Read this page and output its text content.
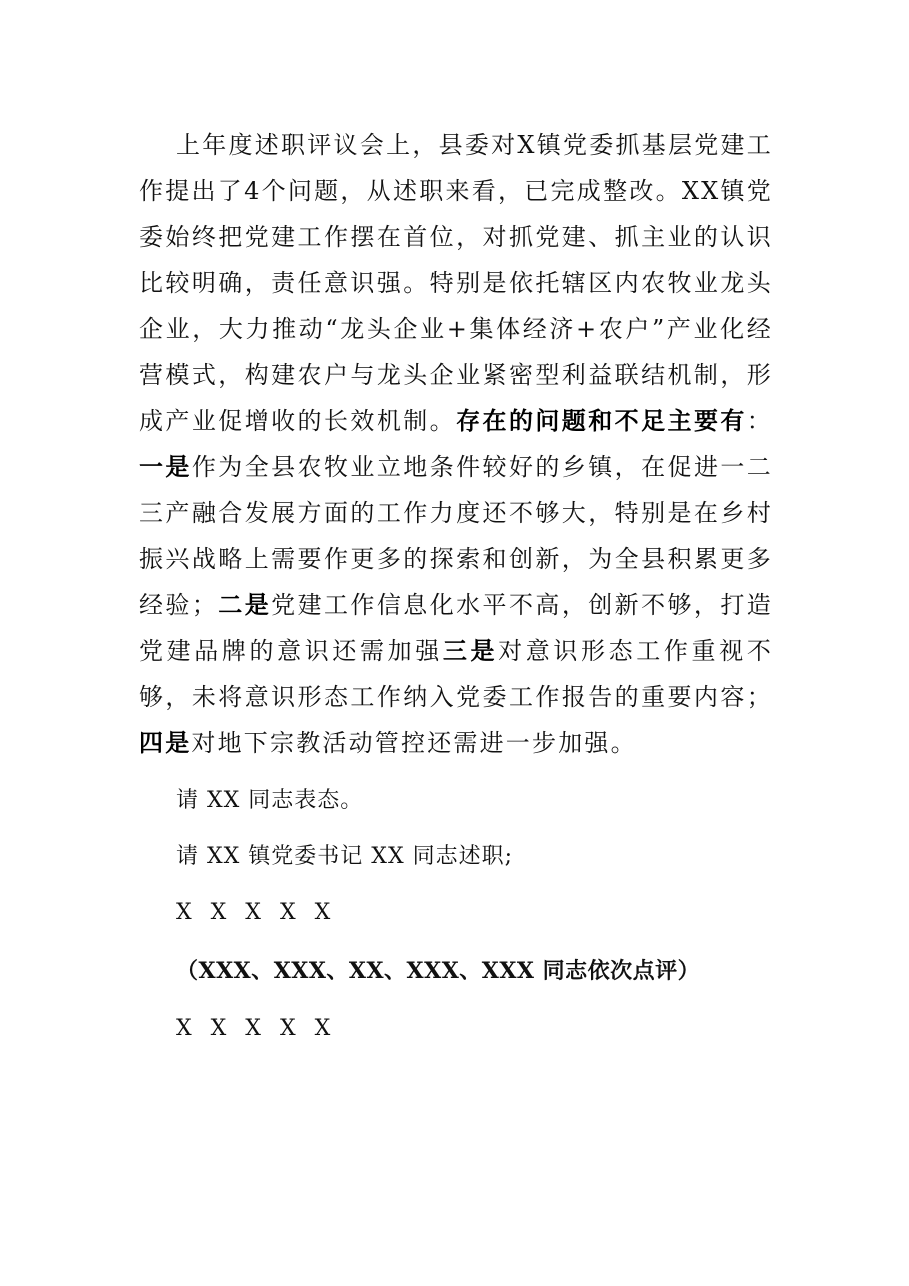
上年度述职评议会上，县委对X镇党委抓基层党建工作提出了4个问题，从述职来看，已完成整改。XX镇党委始终把党建工作摆在首位，对抓党建、抓主业的认识比较明确，责任意识强。特别是依托辖区内农牧业龙头企业，大力推动“龙头企业+集体经济+农户”产业化经营模式，构建农户与龙头企业紧密型利益联结机制，形成产业促增收的长效机制。存在的问题和不足主要有：一是作为全县农牧业立地条件较好的乡镇，在促进一二三产融合发展方面的工作力度还不够大，特别是在乡村振兴战略上需要作更多的探索和创新，为全县积累更多经验；二是党建工作信息化水平不高，创新不够，打造党建品牌的意识还需加强三是对意识形态工作重视不够，未将意识形态工作纳入党委工作报告的重要内容；四是对地下宗教活动管控还需进一步加强。

请 XX 同志表态。

请 XX 镇党委书记 XX 同志述职;

X X X X X

（XXX、XXX、XX、XXX、XXX 同志依次点评）

X X X X X
